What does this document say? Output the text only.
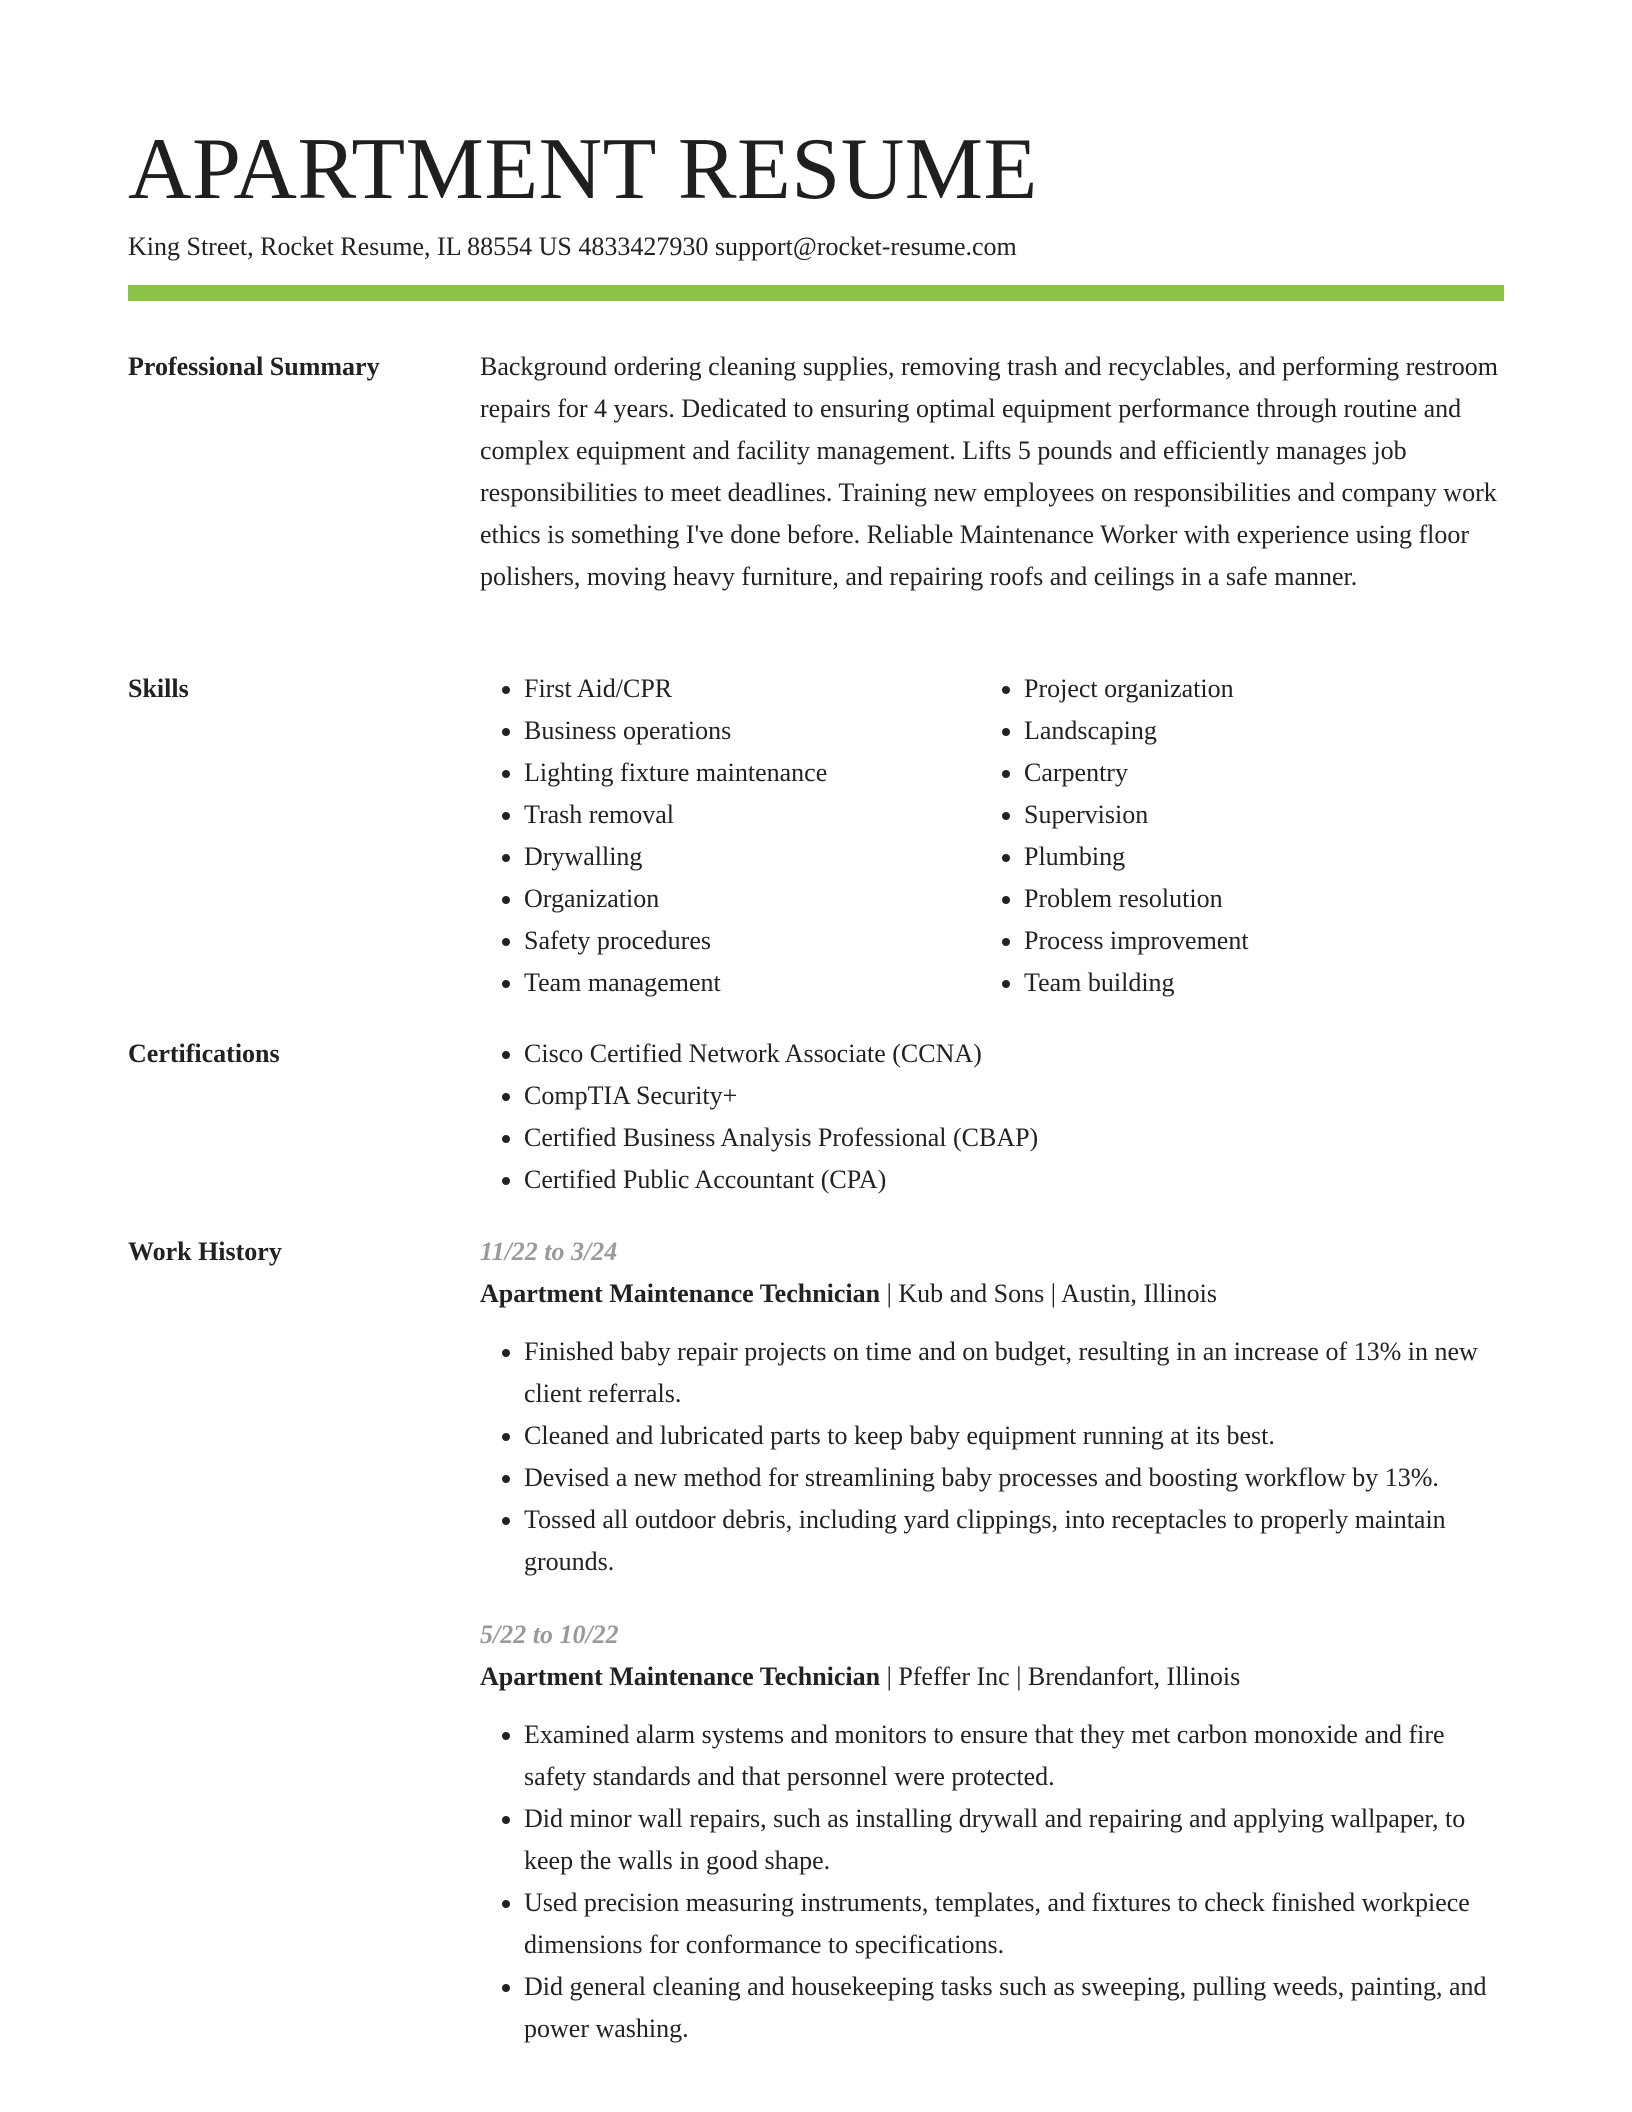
APARTMENT RESUME
King Street, Rocket Resume, IL 88554 US 4833427930 support@rocket-resume.com
Professional Summary	Background ordering cleaning supplies, removing trash and recyclables, and performing restroom repairs for 4 years. Dedicated to ensuring optimal equipment performance through routine and complex equipment and facility management. Lifts 5 pounds and efficiently manages job responsibilities to meet deadlines. Training new employees on responsibilities and company work ethics is something I've done before. Reliable Maintenance Worker with experience using floor polishers, moving heavy furniture, and repairing roofs and ceilings in a safe manner.

Skills	• First Aid/CPR
• Business operations
• Lighting fixture maintenance
• Trash removal
• Drywalling
• Organization
• Safety procedures
• Team management
• Project organization
• Landscaping
• Carpentry
• Supervision
• Plumbing
• Problem resolution
• Process improvement
• Team building
Certifications	• Cisco Certified Network Associate (CCNA)
• CompTIA Security+
• Certified Business Analysis Professional (CBAP)
• Certified Public Accountant (CPA)
Work History	11/22 to 3/24
Apartment Maintenance Technician | Kub and Sons | Austin, Illinois
• Finished baby repair projects on time and on budget, resulting in an increase of 13% in new client referrals.
• Cleaned and lubricated parts to keep baby equipment running at its best.
• Devised a new method for streamlining baby processes and boosting workflow by 13%.
• Tossed all outdoor debris, including yard clippings, into receptacles to properly maintain grounds.
5/22 to 10/22
Apartment Maintenance Technician | Pfeffer Inc | Brendanfort, Illinois
• Examined alarm systems and monitors to ensure that they met carbon monoxide and fire safety standards and that personnel were protected.
• Did minor wall repairs, such as installing drywall and repairing and applying wallpaper, to keep the walls in good shape.
• Used precision measuring instruments, templates, and fixtures to check finished workpiece dimensions for conformance to specifications.
• Did general cleaning and housekeeping tasks such as sweeping, pulling weeds, painting, and power washing.
